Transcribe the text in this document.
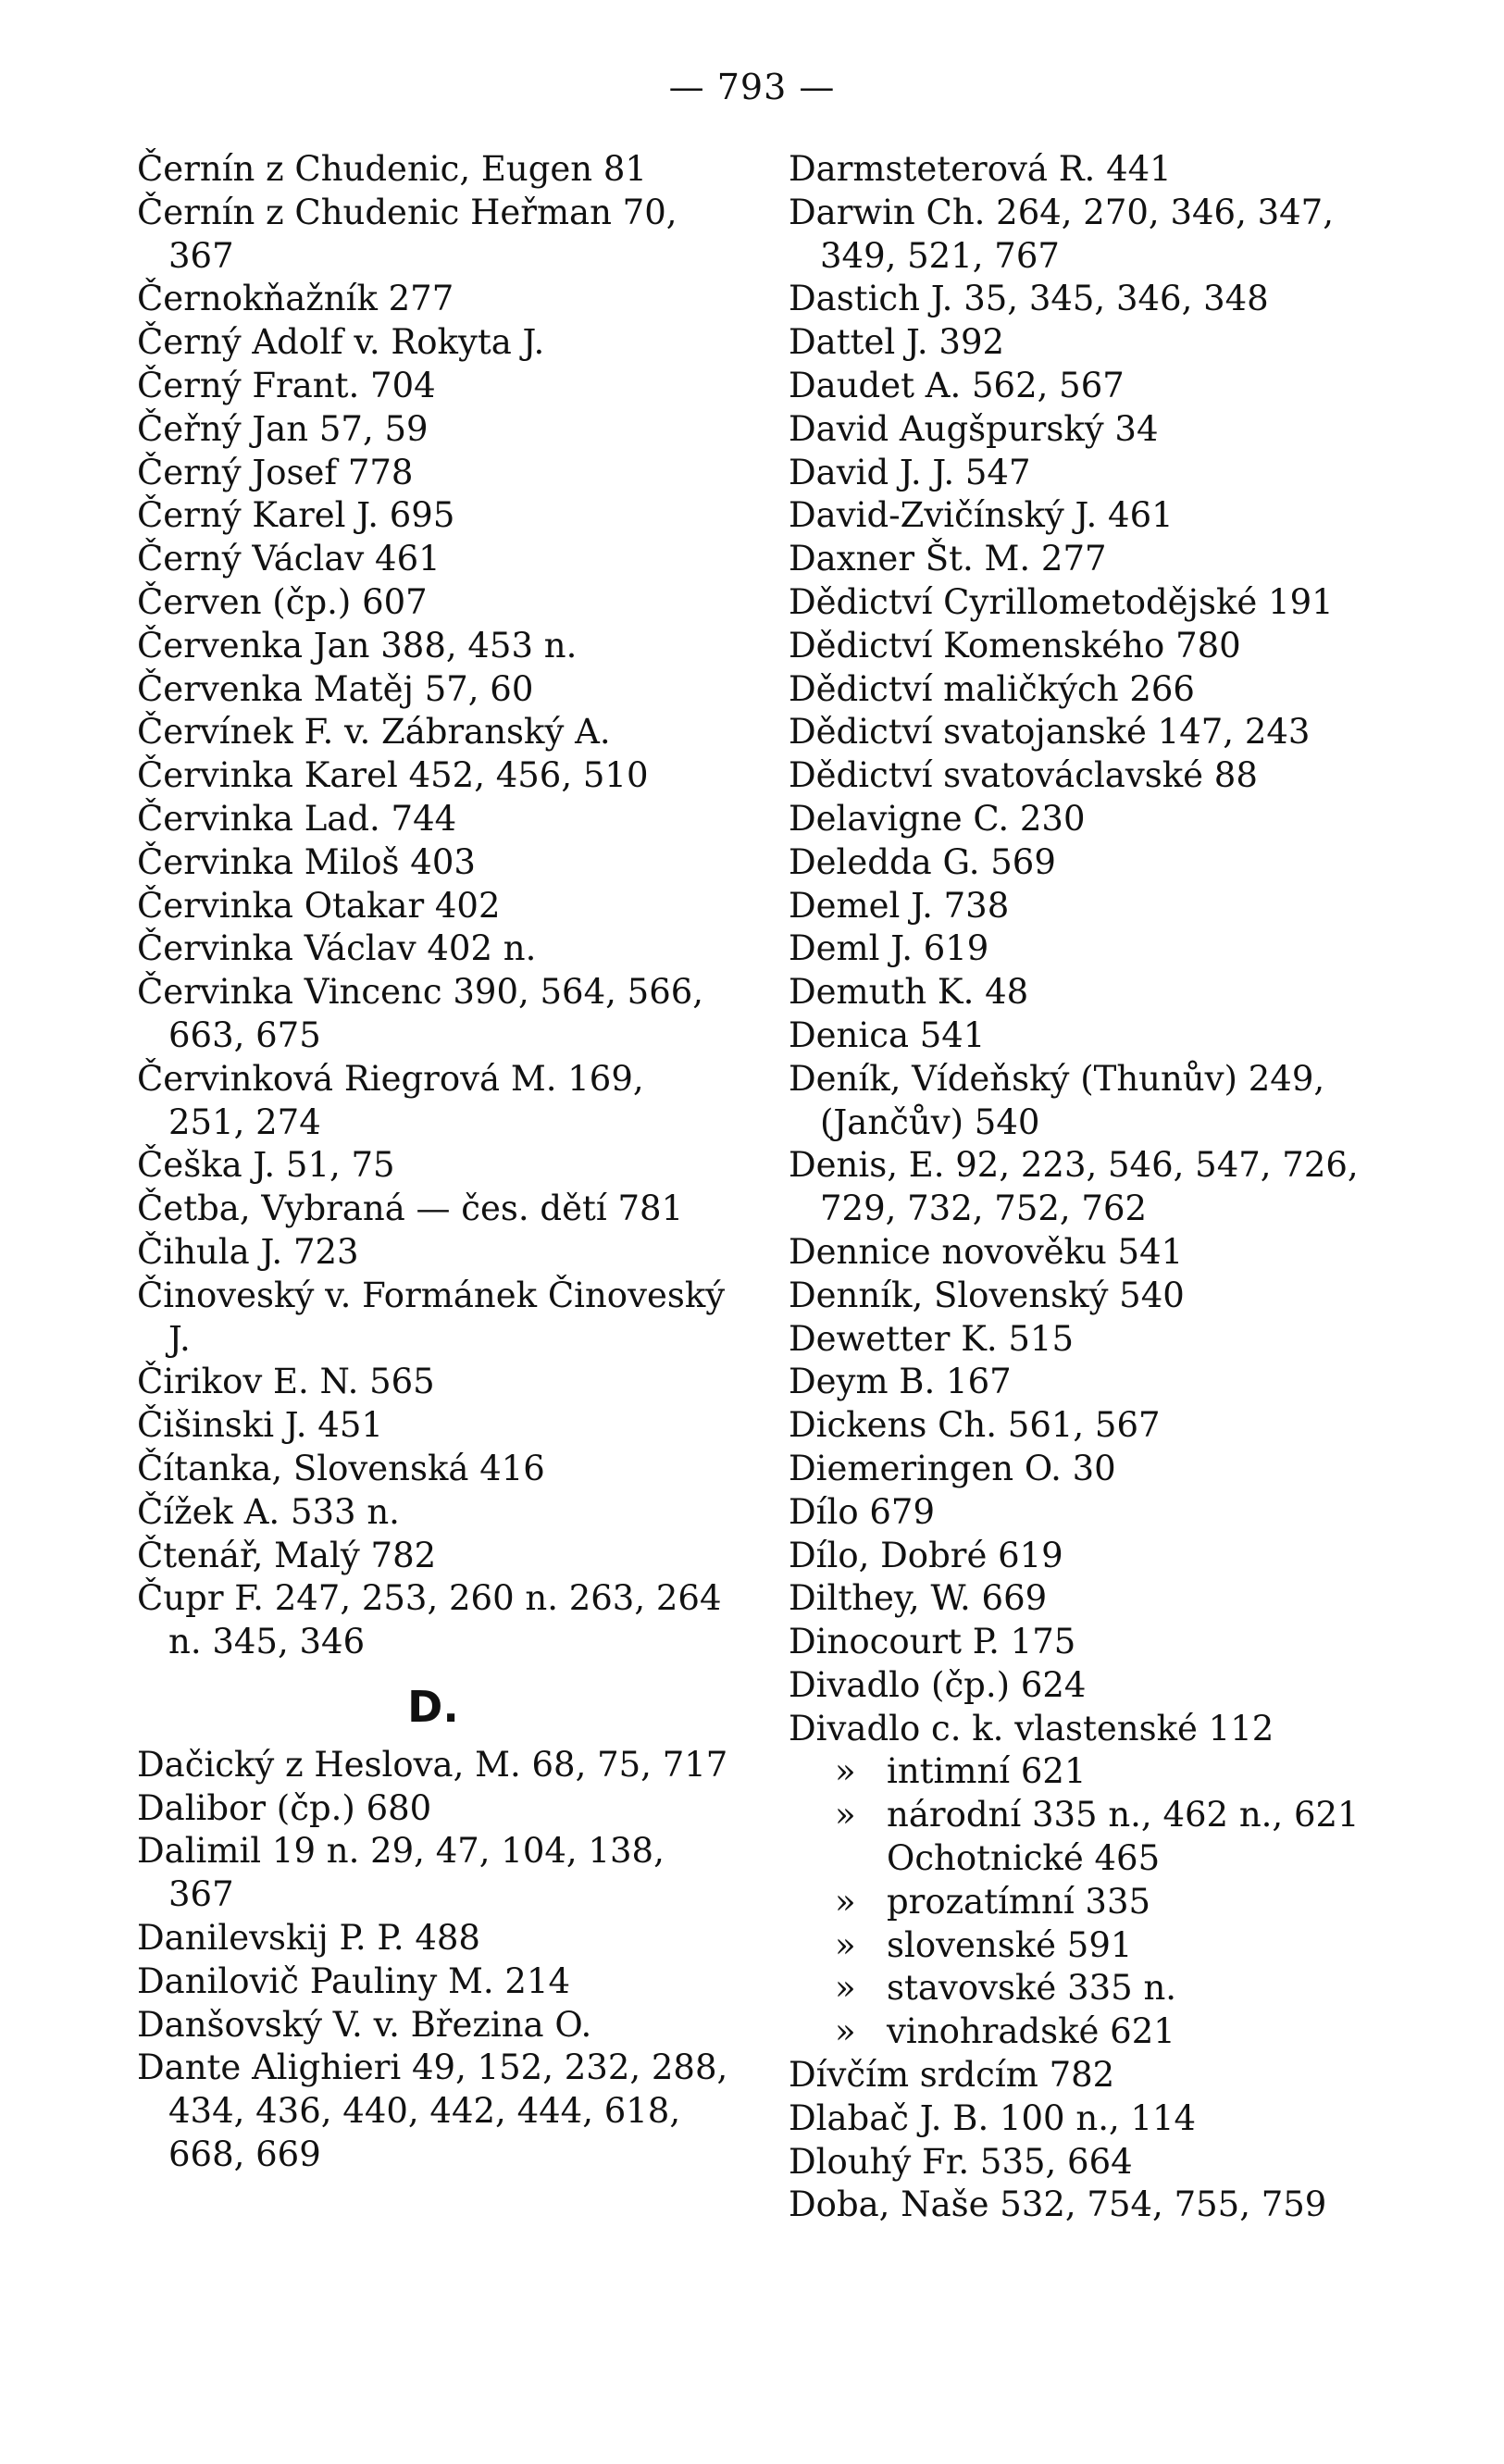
— 793 —

Černín z Chudenic, Eugen 81

Černín z Chudenic Heřman 70, 367

Černokňažník 277

Černý Adolf v. Rokyta J.

Černý Frant. 704

Čeřný Jan 57, 59

Černý Josef 778

Černý Karel J. 695

Černý Václav 461

Červen (čp.) 607

Červenka Jan 388, 453 n.

Červenka Matěj 57, 60

Červínek F. v. Zábranský A.

Červinka Karel 452, 456, 510

Červinka Lad. 744

Červinka Miloš 403

Červinka Otakar 402

Červinka Václav 402 n.

Červinka Vincenc 390, 564, 566, 663, 675

Červinková Riegrová M. 169, 251, 274

Češka J. 51, 75

Četba, Vybraná — čes. dětí 781

Čihula J. 723

Činoveský v. Formánek Činoveský J.

Čirikov E. N. 565

Čišinski J. 451

Čítanka, Slovenská 416

Čížek A. 533 n.

Čtenář, Malý 782

Čupr F. 247, 253, 260 n. 263, 264 n. 345, 346

D.

Dačický z Heslova, M. 68, 75, 717

Dalibor (čp.) 680

Dalimil 19 n. 29, 47, 104, 138, 367

Danilevskij P. P. 488

Danilovič Pauliny M. 214

Danšovský V. v. Březina O.

Dante Alighieri 49, 152, 232, 288, 434, 436, 440, 442, 444, 618, 668, 669

Darmsteterová R. 441

Darwin Ch. 264, 270, 346, 347, 349, 521, 767

Dastich J. 35, 345, 346, 348

Dattel J. 392

Daudet A. 562, 567

David Augšpurský 34

David J. J. 547

David-Zvičínský J. 461

Daxner Št. M. 277

Dědictví Cyrillometodějské 191

Dědictví Komenského 780

Dědictví maličkých 266

Dědictví svatojanské 147, 243

Dědictví svatováclavské 88

Delavigne C. 230

Deledda G. 569

Demel J. 738

Deml J. 619

Demuth K. 48

Denica 541

Deník, Vídeňský (Thunův) 249, (Jančův) 540

Denis, E. 92, 223, 546, 547, 726, 729, 732, 752, 762

Dennice novověku 541

Denník, Slovenský 540

Dewetter K. 515

Deym B. 167

Dickens Ch. 561, 567

Diemeringen O. 30

Dílo 679

Dílo, Dobré 619

Dilthey, W. 669

Dinocourt P. 175

Divadlo (čp.) 624

Divadlo c. k. vlastenské 112

» intimní 621

» národní 335 n., 462 n., 621

Ochotnické 465

» prozatímní 335

» slovenské 591

» stavovské 335 n.

» vinohradské 621

Dívčím srdcím 782

Dlabač J. B. 100 n., 114

Dlouhý Fr. 535, 664

Doba, Naše 532, 754, 755, 759
